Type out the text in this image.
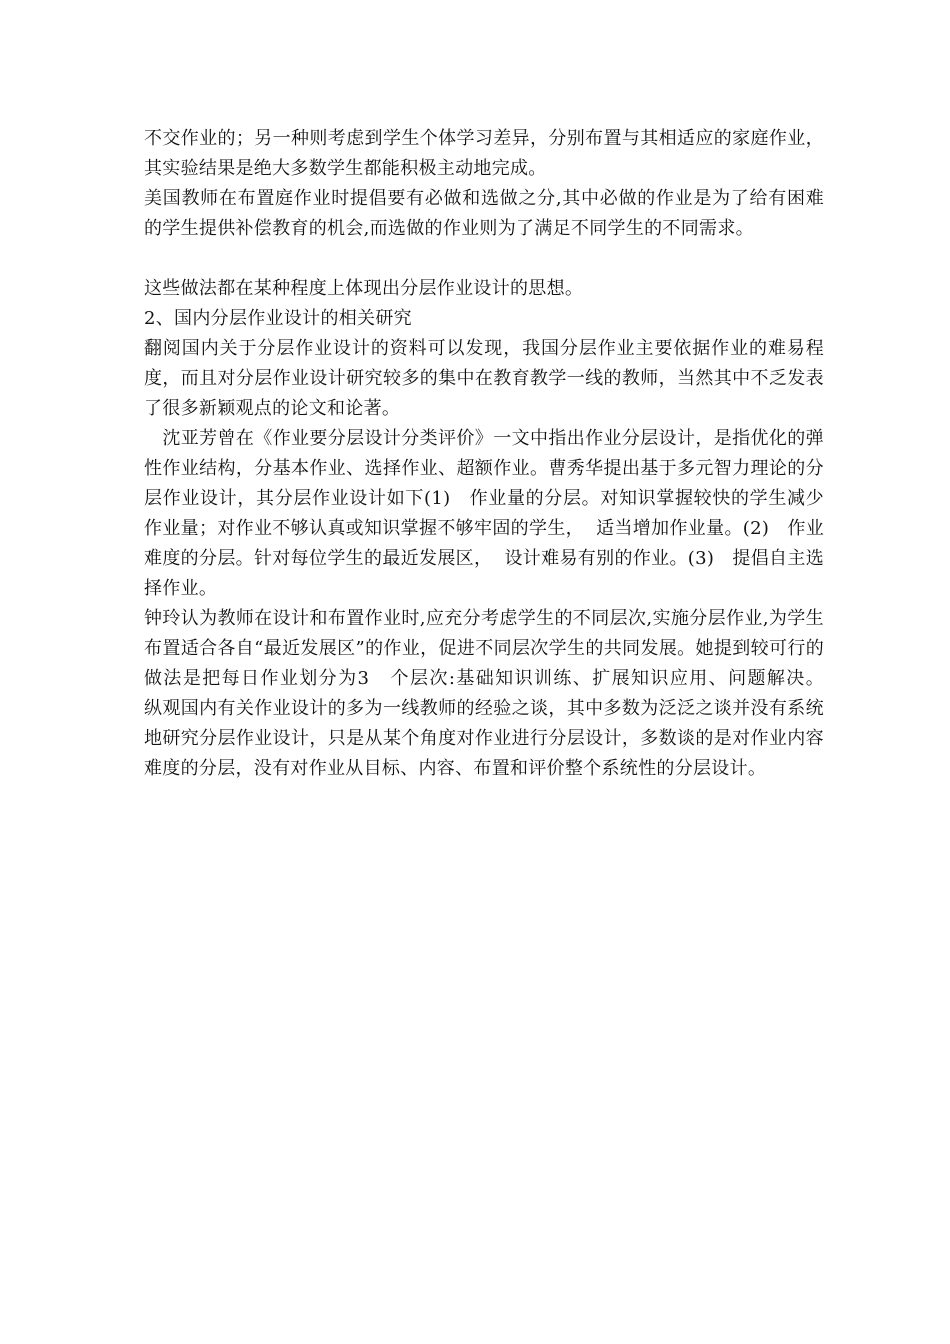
不交作业的；另一种则考虑到学生个体学习差异，分别布置与其相适应的家庭作业，其实验结果是绝大多数学生都能积极主动地完成。

美国教师在布置庭作业时提倡要有必做和选做之分,其中必做的作业是为了给有困难的学生提供补偿教育的机会,而选做的作业则为了满足不同学生的不同需求。

这些做法都在某种程度上体现出分层作业设计的思想。

2、国内分层作业设计的相关研究

翻阅国内关于分层作业设计的资料可以发现，我国分层作业主要依据作业的难易程度，而且对分层作业设计研究较多的集中在教育教学一线的教师，当然其中不乏发表了很多新颖观点的论文和论著。

沈亚芳曾在《作业要分层设计分类评价》一文中指出作业分层设计，是指优化的弹性作业结构，分基本作业、选择作业、超额作业。曹秀华提出基于多元智力理论的分层作业设计，其分层作业设计如下(1)   作业量的分层。对知识掌握较快的学生减少作业量；对作业不够认真或知识掌握不够牢固的学生，  适当增加作业量。(2)   作业难度的分层。针对每位学生的最近发展区，  设计难易有别的作业。(3)   提倡自主选择作业。

钟玲认为教师在设计和布置作业时,应充分考虑学生的不同层次,实施分层作业,为学生布置适合各自“最近发展区”的作业，促进不同层次学生的共同发展。她提到较可行的做法是把每日作业划分为3   个层次:基础知识训练、扩展知识应用、问题解决。      纵观国内有关作业设计的多为一线教师的经验之谈，其中多数为泛泛之谈并没有系统地研究分层作业设计，只是从某个角度对作业进行分层设计，多数谈的是对作业内容难度的分层，没有对作业从目标、内容、布置和评价整个系统性的分层设计。
